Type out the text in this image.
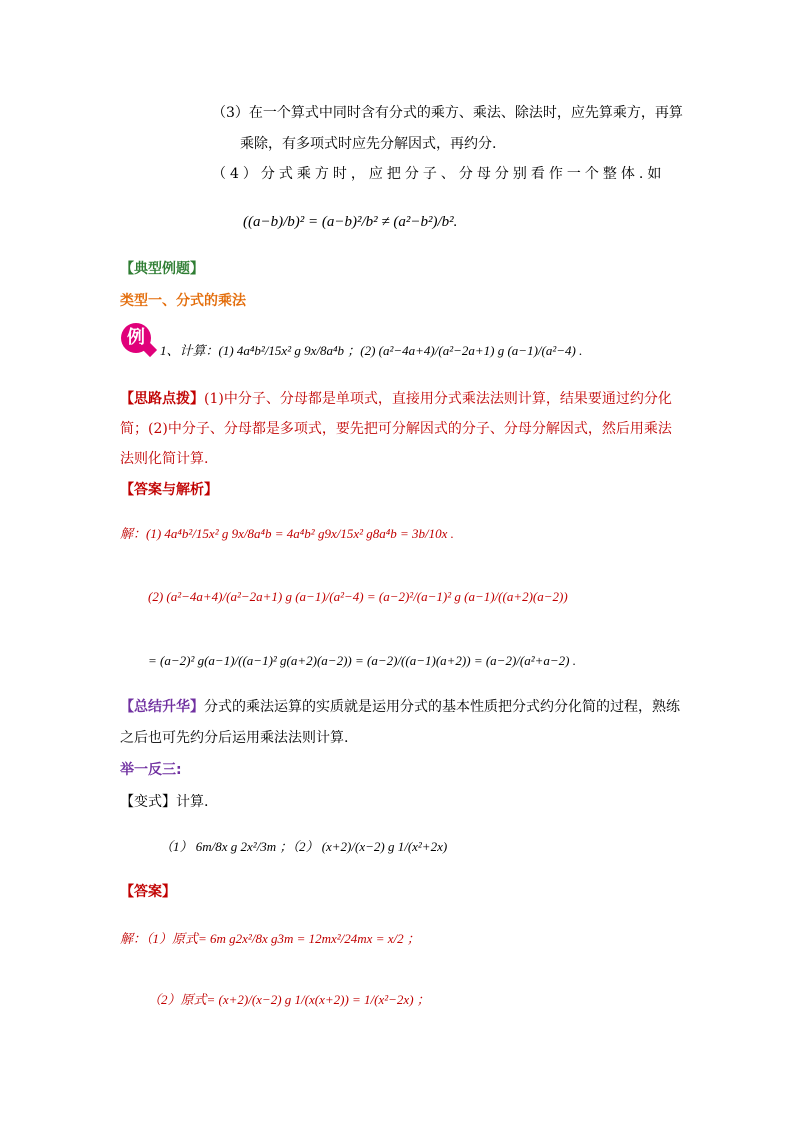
（3）在一个算式中同时含有分式的乘方、乘法、除法时，应先算乘方，再算
乘除，有多项式时应先分解因式，再约分.
（4）分式乘方时，应把分子、分母分别看作一个整体.如
((a−b)/b)² = (a−b)²/b² ≠ (a²−b²)/b².
【典型例题】
类型一、分式的乘法
例
1、计算：(1) 4a⁴b²/15x² g 9x/8a⁴b ；(2) (a²−4a+4)/(a²−2a+1) g (a−1)/(a²−4) .
【思路点拨】(1)中分子、分母都是单项式，直接用分式乘法法则计算，结果要通过约分化
简；(2)中分子、分母都是多项式，要先把可分解因式的分子、分母分解因式，然后用乘法
法则化简计算.
【答案与解析】
解：(1) 4a⁴b²/15x² g 9x/8a⁴b = 4a⁴b² g9x/15x² g8a⁴b = 3b/10x .
(2) (a²−4a+4)/(a²−2a+1) g (a−1)/(a²−4) = (a−2)²/(a−1)² g (a−1)/((a+2)(a−2))
= (a−2)² g(a−1)/((a−1)² g(a+2)(a−2)) = (a−2)/((a−1)(a+2)) = (a−2)/(a²+a−2) .
【总结升华】分式的乘法运算的实质就是运用分式的基本性质把分式约分化简的过程，熟练
之后也可先约分后运用乘法法则计算.
举一反三:
【变式】计算.
（1） 6m/8x g 2x²/3m ；（2） (x+2)/(x−2) g 1/(x²+2x)
【答案】
解：（1）原式= 6m g2x²/8x g3m = 12mx²/24mx = x/2 ；
（2）原式= (x+2)/(x−2) g 1/(x(x+2)) = 1/(x²−2x) ；
